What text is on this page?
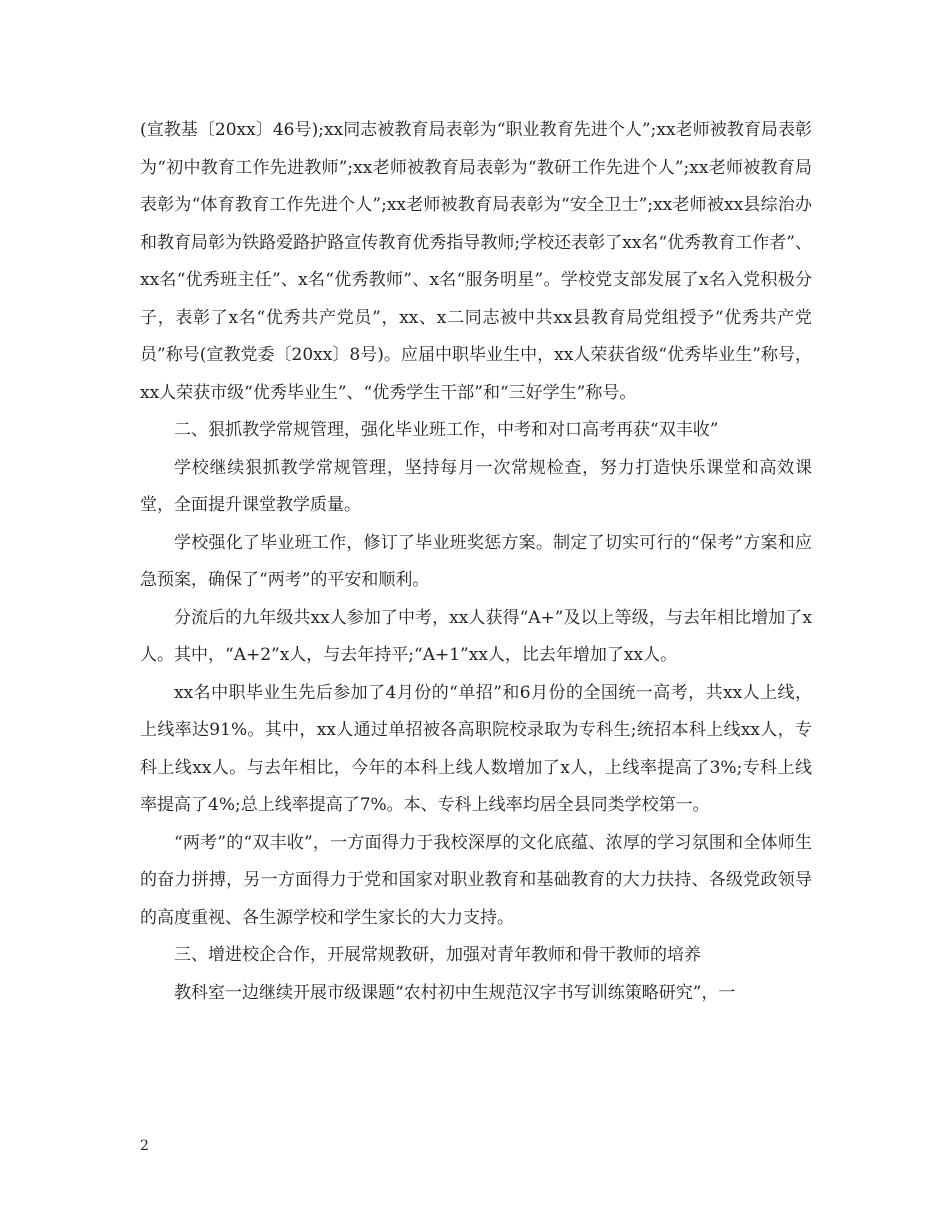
(宣教基〔20xx〕46号);xx同志被教育局表彰为“职业教育先进个人”;xx老师被教育局表彰为“初中教育工作先进教师”;xx老师被教育局表彰为“教研工作先进个人”;xx老师被教育局表彰为“体育教育工作先进个人”;xx老师被教育局表彰为“安全卫士”;xx老师被xx县综治办和教育局彰为铁路爱路护路宣传教育优秀指导教师;学校还表彰了xx名“优秀教育工作者”、xx名“优秀班主任”、x名“优秀教师”、x名“服务明星”。学校党支部发展了x名入党积极分子，表彰了x名“优秀共产党员”，xx、x二同志被中共xx县教育局党组授予“优秀共产党员”称号(宣教党委〔20xx〕8号)。应届中职毕业生中，xx人荣获省级“优秀毕业生”称号，xx人荣获市级“优秀毕业生”、“优秀学生干部”和“三好学生”称号。

二、狠抓教学常规管理，强化毕业班工作，中考和对口高考再获“双丰收”

学校继续狠抓教学常规管理，坚持每月一次常规检查，努力打造快乐课堂和高效课堂，全面提升课堂教学质量。

学校强化了毕业班工作，修订了毕业班奖惩方案。制定了切实可行的“保考”方案和应急预案，确保了“两考”的平安和顺利。

分流后的九年级共xx人参加了中考，xx人获得“A+”及以上等级，与去年相比增加了x人。其中，“A+2”x人，与去年持平;“A+1”xx人，比去年增加了xx人。

xx名中职毕业生先后参加了4月份的“单招”和6月份的全国统一高考，共xx人上线，上线率达91%。其中，xx人通过单招被各高职院校录取为专科生;统招本科上线xx人，专科上线xx人。与去年相比，今年的本科上线人数增加了x人，上线率提高了3%;专科上线率提高了4%;总上线率提高了7%。本、专科上线率均居全县同类学校第一。

“两考”的“双丰收”，一方面得力于我校深厚的文化底蕴、浓厚的学习氛围和全体师生的奋力拼搏，另一方面得力于党和国家对职业教育和基础教育的大力扶持、各级党政领导的高度重视、各生源学校和学生家长的大力支持。

三、增进校企合作，开展常规教研，加强对青年教师和骨干教师的培养

教科室一边继续开展市级课题“农村初中生规范汉字书写训练策略研究”，一

2
